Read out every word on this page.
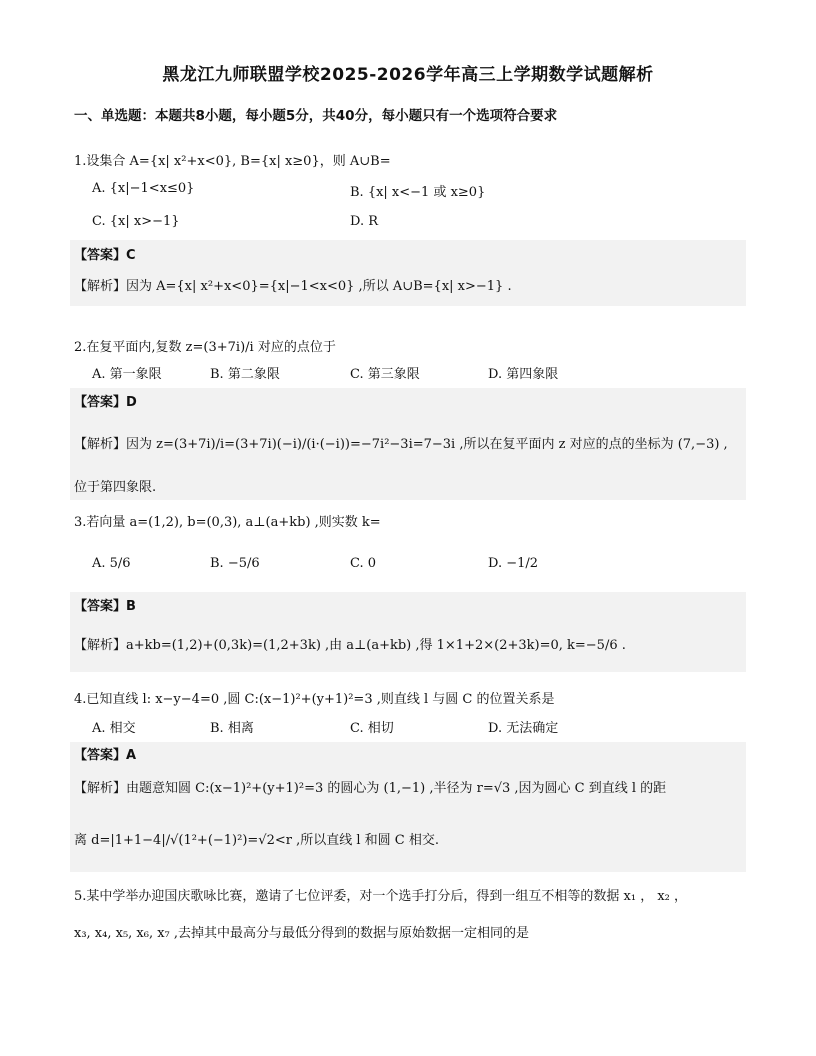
黑龙江九师联盟学校2025-2026学年高三上学期数学试题解析
一、单选题：本题共8小题，每小题5分，共40分，每小题只有一个选项符合要求
1.设集合 A={x| x²+x<0}, B={x| x≥0}，则 A∪B=
A. {x|−1<x≤0}	B. {x| x<−1 或 x≥0}
C. {x| x>−1}	D. R
【答案】C
【解析】因为 A={x| x²+x<0}={x|−1<x<0} ,所以 A∪B={x| x>−1} .
2.在复平面内,复数 z=(3+7i)/i 对应的点位于
A. 第一象限	B. 第二象限	C. 第三象限	D. 第四象限
【答案】D
【解析】因为 z=(3+7i)/i=(3+7i)(−i)/(i·(−i))=−7i²−3i=7−3i ,所以在复平面内 z 对应的点的坐标为 (7,−3) ,
位于第四象限.
3.若向量 a=(1,2), b=(0,3), a⊥(a+kb) ,则实数 k=
A. 5/6	B. −5/6	C. 0	D. −1/2
【答案】B
【解析】a+kb=(1,2)+(0,3k)=(1,2+3k) ,由 a⊥(a+kb) ,得 1×1+2×(2+3k)=0, k=−5/6 .
4.已知直线 l: x−y−4=0 ,圆 C:(x−1)²+(y+1)²=3 ,则直线 l 与圆 C 的位置关系是
A. 相交	B. 相离	C. 相切	D. 无法确定
【答案】A
【解析】由题意知圆 C:(x−1)²+(y+1)²=3 的圆心为 (1,−1) ,半径为 r=√3 ,因为圆心 C 到直线 l 的距
离 d=|1+1−4|/√(1²+(−1)²)=√2<r ,所以直线 l 和圆 C 相交.
5.某中学举办迎国庆歌咏比赛，邀请了七位评委，对一个选手打分后，得到一组互不相等的数据 x₁ ， x₂ ，
x₃, x₄, x₅, x₆, x₇ ,去掉其中最高分与最低分得到的数据与原始数据一定相同的是
